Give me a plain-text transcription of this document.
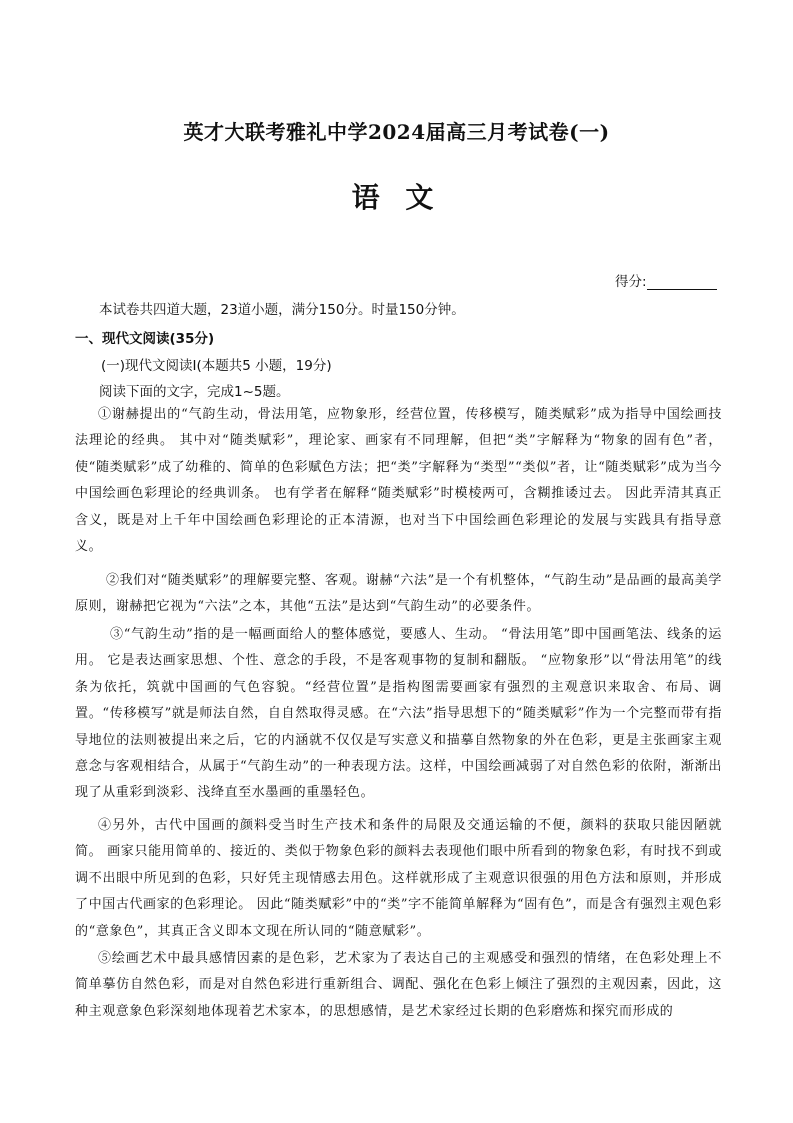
英才大联考雅礼中学2024届高三月考试卷(一)
语 文
得分:
本试卷共四道大题，23道小题，满分150分。时量150分钟。
一、现代文阅读(35分)
(一)现代文阅读Ⅰ(本题共5 小题，19分)
阅读下面的文字，完成1~5题。
①谢赫提出的“气韵生动，骨法用笔，应物象形，经营位置，传移模写，随类赋彩”成为指导中国绘画技法理论的经典。 其中对“随类赋彩”，理论家、画家有不同理解，但把“类”字解释为“物象的固有色”者，使“随类赋彩”成了幼稚的、简单的色彩赋色方法；把“类”字解释为“类型”“类似”者，让“随类赋彩”成为当今中国绘画色彩理论的经典训条。 也有学者在解释“随类赋彩”时模棱两可，含糊推诿过去。 因此弄清其真正含义，既是对上千年中国绘画色彩理论的正本清源，也对当下中国绘画色彩理论的发展与实践具有指导意义。
②我们对“随类赋彩”的理解要完整、客观。谢赫“六法”是一个有机整体，“气韵生动”是品画的最高美学原则，谢赫把它视为“六法”之本，其他“五法”是达到“气韵生动”的必要条件。
③“气韵生动”指的是一幅画面给人的整体感觉，要感人、生动。 “骨法用笔”即中国画笔法、线条的运用。 它是表达画家思想、个性、意念的手段，不是客观事物的复制和翻版。 “应物象形”以“骨法用笔”的线条为依托，筑就中国画的气色容貌。“经营位置”是指构图需要画家有强烈的主观意识来取舍、布局、调置。“传移模写”就是师法自然，自自然取得灵感。在“六法”指导思想下的“随类赋彩”作为一个完整而带有指导地位的法则被提出来之后，它的内涵就不仅仅是写实意义和描摹自然物象的外在色彩，更是主张画家主观意念与客观相结合，从属于“气韵生动”的一种表现方法。这样，中国绘画减弱了对自然色彩的依附，渐渐出现了从重彩到淡彩、浅绛直至水墨画的重墨轻色。
④另外，古代中国画的颜料受当时生产技术和条件的局限及交通运输的不便，颜料的获取只能因陋就简。 画家只能用简单的、接近的、类似于物象色彩的颜料去表现他们眼中所看到的物象色彩，有时找不到或调不出眼中所见到的色彩，只好凭主现情感去用色。这样就形成了主观意识很强的用色方法和原则，并形成了中国古代画家的色彩理论。 因此“随类赋彩”中的“类”字不能简单解释为“固有色”，而是含有强烈主观色彩的“意象色”，其真正含义即本文现在所认同的“随意赋彩”。
⑤绘画艺术中最具感情因素的是色彩，艺术家为了表达自己的主观感受和强烈的情绪，在色彩处理上不简单摹仿自然色彩，而是对自然色彩进行重新组合、调配、强化在色彩上倾注了强烈的主观因素，因此，这种主观意象色彩深刻地体现着艺术家本，的思想感情，是艺术家经过长期的色彩磨炼和探究而形成的
